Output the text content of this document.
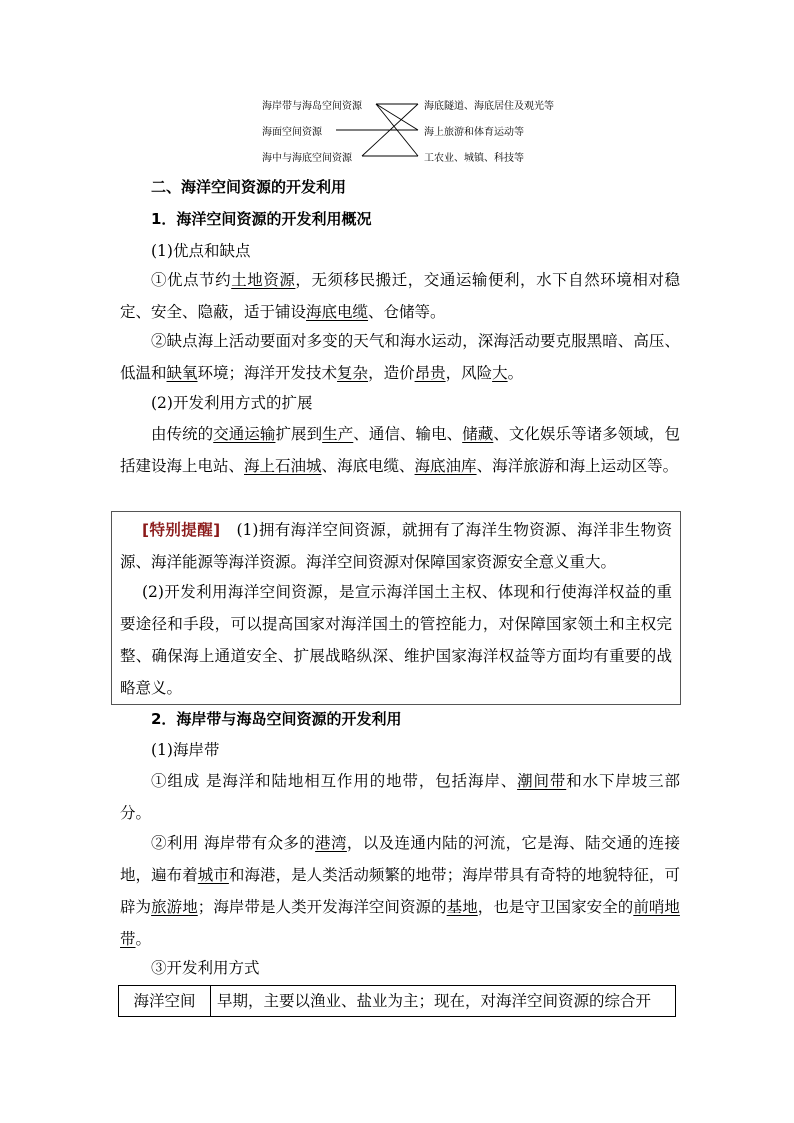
海岸带与海岛空间资源
海面空间资源
海中与海底空间资源
海底隧道、海底居住及观光等
海上旅游和体育运动等
工农业、城镇、科技等
二、海洋空间资源的开发利用
1．海洋空间资源的开发利用概况
(1)优点和缺点
①优点节约土地资源，无须移民搬迁，交通运输便利，水下自然环境相对稳定、安全、隐蔽，适于铺设海底电缆、仓储等。
②缺点海上活动要面对多变的天气和海水运动，深海活动要克服黑暗、高压、低温和缺氧环境；海洋开发技术复杂，造价昂贵，风险大。
(2)开发利用方式的扩展
由传统的交通运输扩展到生产、通信、输电、储藏、文化娱乐等诸多领域，包括建设海上电站、海上石油城、海底电缆、海底油库、海洋旅游和海上运动区等。
[特别提醒]　(1)拥有海洋空间资源，就拥有了海洋生物资源、海洋非生物资源、海洋能源等海洋资源。海洋空间资源对保障国家资源安全意义重大。
(2)开发利用海洋空间资源，是宣示海洋国土主权、体现和行使海洋权益的重要途径和手段，可以提高国家对海洋国土的管控能力，对保障国家领土和主权完整、确保海上通道安全、扩展战略纵深、维护国家海洋权益等方面均有重要的战略意义。
2．海岸带与海岛空间资源的开发利用
(1)海岸带
①组成 是海洋和陆地相互作用的地带，包括海岸、潮间带和水下岸坡三部分。
②利用 海岸带有众多的港湾，以及连通内陆的河流，它是海、陆交通的连接地，遍布着城市和海港，是人类活动频繁的地带；海岸带具有奇特的地貌特征，可辟为旅游地；海岸带是人类开发海洋空间资源的基地，也是守卫国家安全的前哨地带。
③开发利用方式
海洋空间	早期，主要以渔业、盐业为主；现在，对海洋空间资源的综合开
